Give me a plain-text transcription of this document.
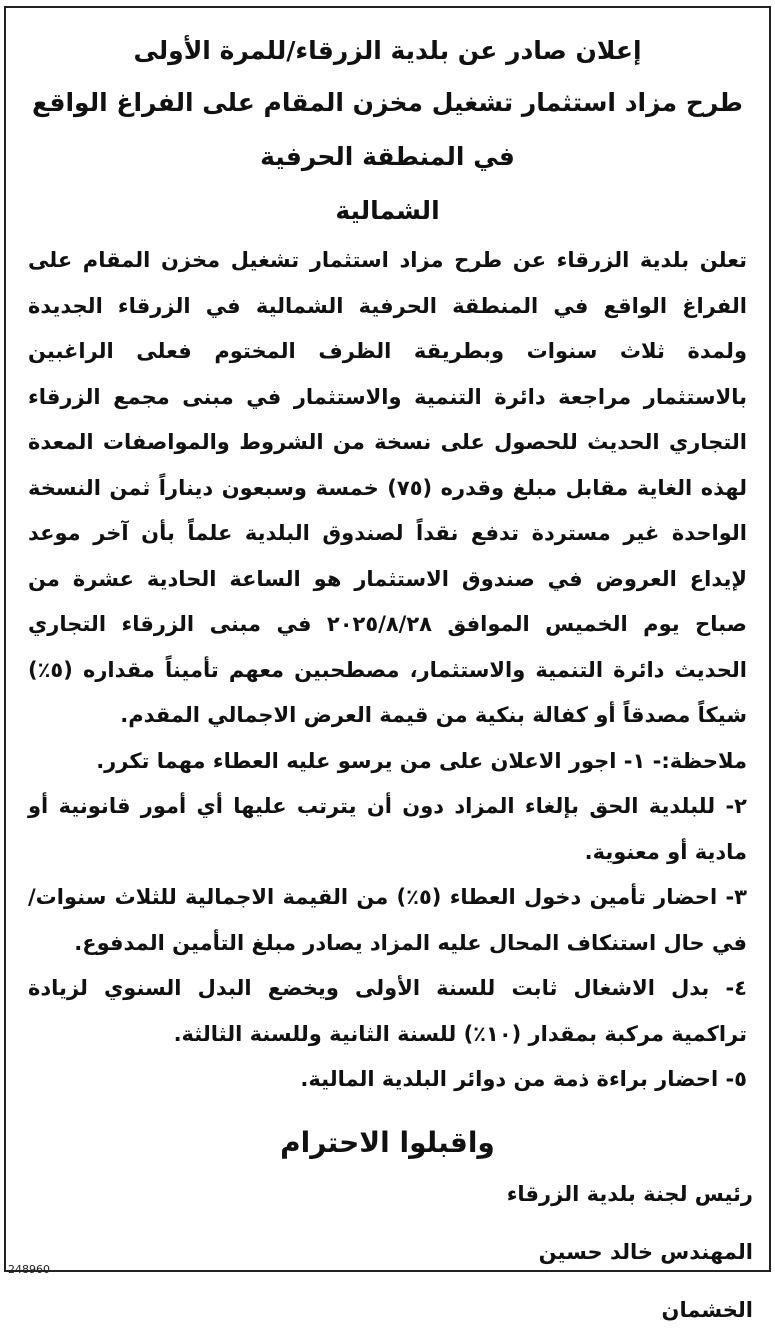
إعلان صادر عن بلدية الزرقاء/للمرة الأولى
طرح مزاد استثمار تشغيل مخزن المقام على الفراغ الواقع في المنطقة الحرفية
الشمالية
تعلن بلدية الزرقاء عن طرح مزاد استثمار تشغيل مخزن المقام على الفراغ الواقع في المنطقة الحرفية الشمالية في الزرقاء الجديدة ولمدة ثلاث سنوات وبطريقة الظرف المختوم فعلى الراغبين بالاستثمار مراجعة دائرة التنمية والاستثمار في مبنى مجمع الزرقاء التجاري الحديث للحصول على نسخة من الشروط والمواصفات المعدة لهذه الغاية مقابل مبلغ وقدره (٧٥) خمسة وسبعون ديناراً ثمن النسخة الواحدة غير مستردة تدفع نقداً لصندوق البلدية علماً بأن آخر موعد لإيداع العروض في صندوق الاستثمار هو الساعة الحادية عشرة من صباح يوم الخميس الموافق ٢٠٢٥/٨/٢٨ في مبنى الزرقاء التجاري الحديث دائرة التنمية والاستثمار، مصطحبين معهم تأميناً مقداره (٥٪) شيكاً مصدقاً أو كفالة بنكية من قيمة العرض الاجمالي المقدم.
ملاحظة:- ١- اجور الاعلان على من يرسو عليه العطاء مهما تكرر.
٢- للبلدية الحق بإلغاء المزاد دون أن يترتب عليها أي أمور قانونية أو مادية أو معنوية.
٣- احضار تأمين دخول العطاء (٥٪) من القيمة الاجمالية للثلاث سنوات/في حال استنكاف المحال عليه المزاد يصادر مبلغ التأمين المدفوع.
٤- بدل الاشغال ثابت للسنة الأولى ويخضع البدل السنوي لزيادة تراكمية مركبة بمقدار (١٠٪) للسنة الثانية وللسنة الثالثة.
٥- احضار براءة ذمة من دوائر البلدية المالية.
واقبلوا الاحترام
رئيس لجنة بلدية الزرقاء
المهندس خالد حسين الخشمان
248960
